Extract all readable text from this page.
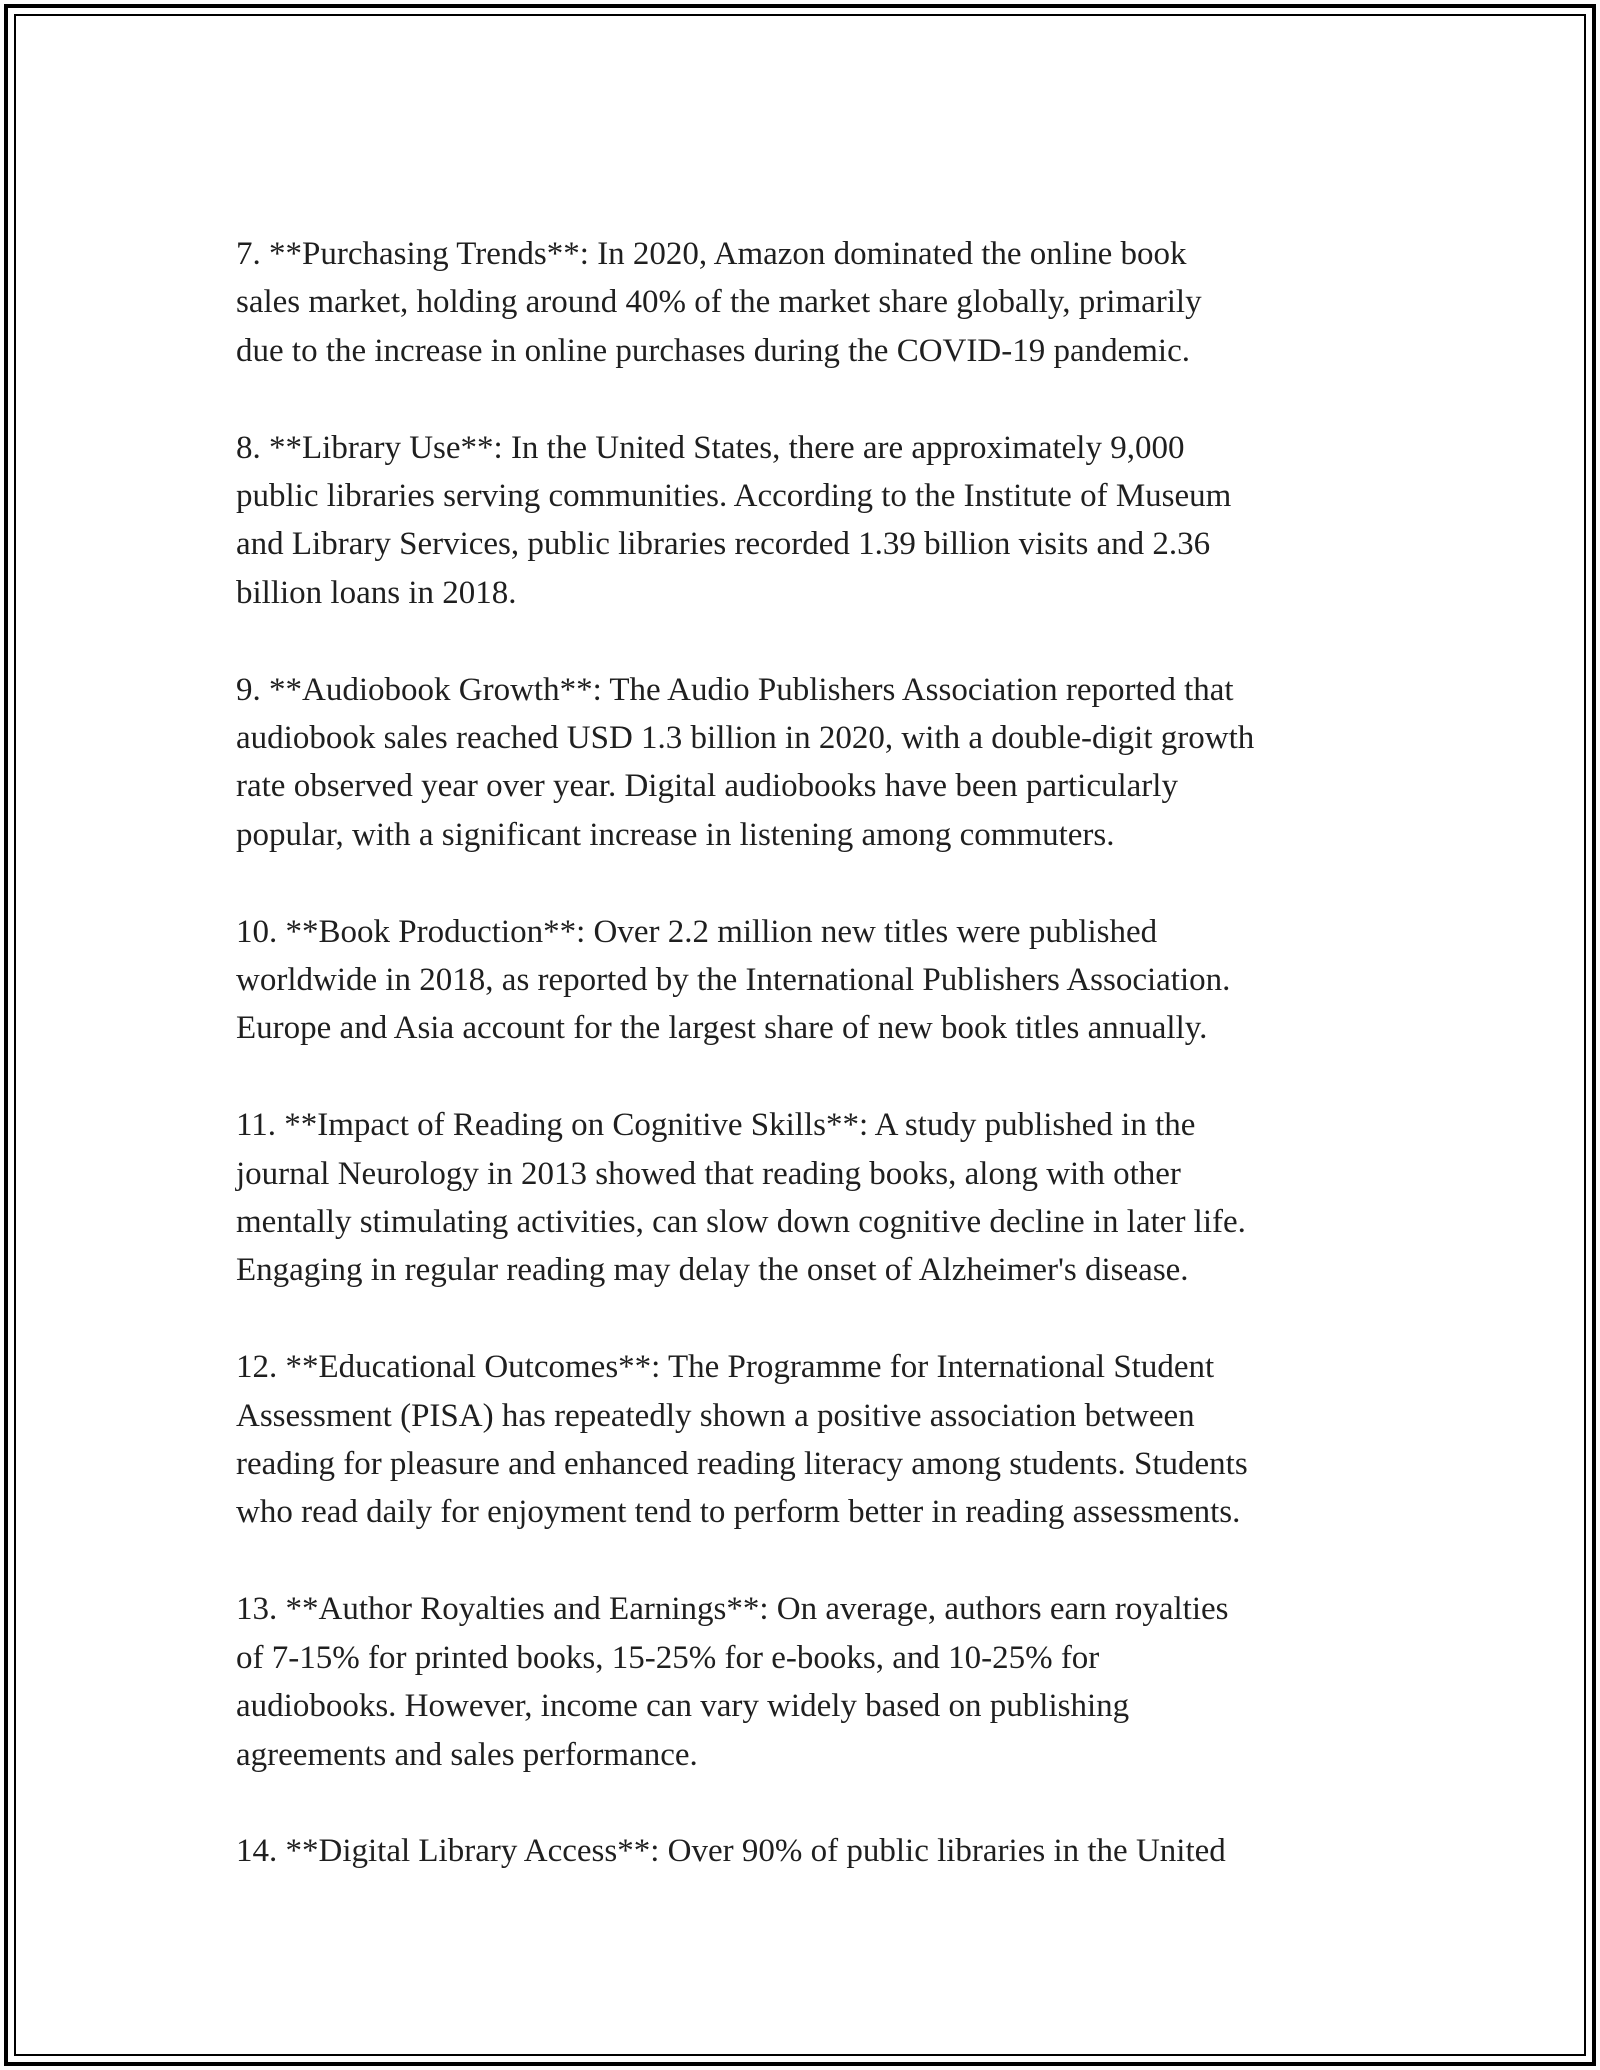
7. **Purchasing Trends**: In 2020, Amazon dominated the online book
sales market, holding around 40% of the market share globally, primarily
due to the increase in online purchases during the COVID-19 pandemic.

8. **Library Use**: In the United States, there are approximately 9,000
public libraries serving communities. According to the Institute of Museum
and Library Services, public libraries recorded 1.39 billion visits and 2.36
billion loans in 2018.

9. **Audiobook Growth**: The Audio Publishers Association reported that
audiobook sales reached USD 1.3 billion in 2020, with a double-digit growth
rate observed year over year. Digital audiobooks have been particularly
popular, with a significant increase in listening among commuters.

10. **Book Production**: Over 2.2 million new titles were published
worldwide in 2018, as reported by the International Publishers Association.
Europe and Asia account for the largest share of new book titles annually.

11. **Impact of Reading on Cognitive Skills**: A study published in the
journal Neurology in 2013 showed that reading books, along with other
mentally stimulating activities, can slow down cognitive decline in later life.
Engaging in regular reading may delay the onset of Alzheimer's disease.

12. **Educational Outcomes**: The Programme for International Student
Assessment (PISA) has repeatedly shown a positive association between
reading for pleasure and enhanced reading literacy among students. Students
who read daily for enjoyment tend to perform better in reading assessments.

13. **Author Royalties and Earnings**: On average, authors earn royalties
of 7-15% for printed books, 15-25% for e-books, and 10-25% for
audiobooks. However, income can vary widely based on publishing
agreements and sales performance.

14. **Digital Library Access**: Over 90% of public libraries in the United
